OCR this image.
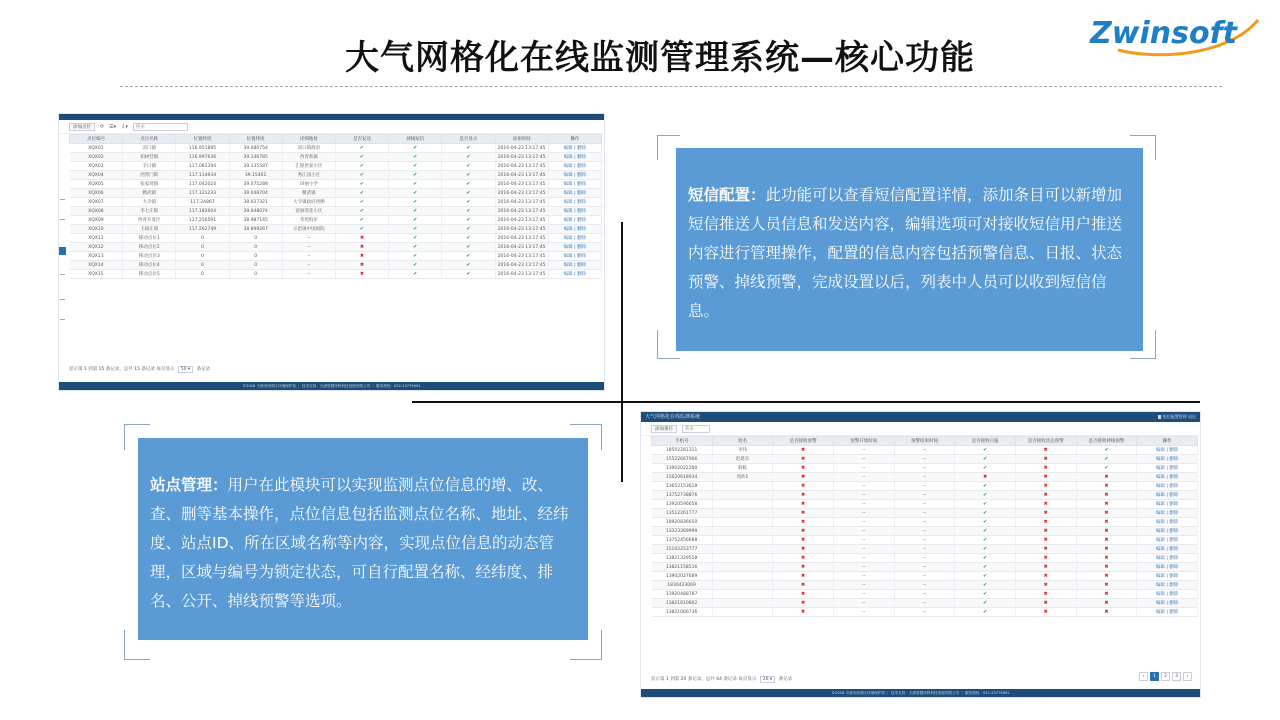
大气网格化在线监测管理系统—核心功能
Zwinsoft
添加点位	⟳ ☰▾ ⇩▾	搜索
点位编号	点位名称	位置经度	位置纬度	详细地址	是否发送	掉线短信	是否显示	添加时间	操作
XQX01	凉口镇	116.951895	39.080754	凉口镇政府	✔	✔	✔	2016-04-23 13:17:45	编辑 | 删除
XQX02	柏树营镇	116.997636	39.146785	西青新镇	✔	✔	✔	2016-04-23 13:17:45	编辑 | 删除
XQX03	辛口镇	117.081394	39.135587	汇银世家小区	✔	✔	✔	2016-04-23 13:17:45	编辑 | 删除
XQX04	西营门街	117.114934	39.15461	秀江园小区	✔	✔	✔	2016-04-23 13:17:45	编辑 | 删除
XQX05	张家窝镇	117.042024	39.075288	田丽小学	✔	✔	✔	2016-04-23 13:17:45	编辑 | 删除
XQX06	精武镇	117.121233	39.048704	精武镇	✔	✔	✔	2016-04-23 13:17:45	编辑 | 删除
XQX07	大寺镇	117.24867	39.027321	大寺镇政府西侧	✔	✔	✔	2016-04-23 13:17:45	编辑 | 删除
XQX08	李七庄街	117.182604	39.048074	富丽湾花小区	✔	✔	✔	2016-04-23 13:17:45	编辑 | 删除
XQX09	西青开发区	117.256591	38.987145	华苑海岸	✔	✔	✔	2016-04-23 13:17:45	编辑 | 删除
XQX10	王稳庄镇	117.262749	38.899267	示范镇中国国院	✔	✔	✔	2016-04-23 13:17:45	编辑 | 删除
XQX11	移动点位1	0	0	--	✖	✔	✔	2016-04-23 13:17:45	编辑 | 删除
XQX12	移动点位2	0	0	--	✖	✔	✔	2016-04-23 13:17:45	编辑 | 删除
XQX13	移动点位3	0	0	--	✖	✔	✔	2016-04-23 13:17:45	编辑 | 删除
XQX14	移动点位4	0	0	--	✖	✔	✔	2016-04-23 13:17:45	编辑 | 删除
XQX15	移动点位5	0	0	--	✖	✔	✔	2016-04-23 13:17:45	编辑 | 删除
显示第 1 到第 15 条记录，总共 15 条记录 每页显示 50 ▾ 条记录
©2016 天津市西青区环境保护局 ｜ 技术支持：天津智慧环科科技发展有限公司 ｜ 服务热线：022-23779991
短信配置：此功能可以查看短信配置详情，添加条目可以新增加短信推送人员信息和发送内容，编辑选项可对接收短信用户推送内容进行管理操作，配置的信息内容包括预警信息、日报、状态预警、掉线预警，完成设置以后，列表中人员可以收到短信信息。
站点管理：用户在此模块可以实现监测点位信息的增、改、查、删等基本操作，点位信息包括监测点位名称、地址、经纬度、站点ID、所在区域名称等内容，实现点位信息的动态管理，区域与编号为锁定状态，可自行配置名称、经纬度、排名、公开、掉线预警等选项。
大气网格化在线监测系统	◙ 短信配置管理 退出
添加条目	搜索
手机号	姓名	是否接收预警	预警开始时间	预警结束时间	是否接收日报	是否接收状态预警	是否接收掉线预警	操作
18502281311	李伟	✖	--	--	✔	✖	✔	编辑 | 删除
15522667966	赵建东	✖	--	--	✔	✖	✔	编辑 | 删除
13902022280	韩栋	✖	--	--	✔	✖	✔	编辑 | 删除
15620618934	周幼1	✖	--	--	✖	✖	✖	编辑 | 删除
13652153618		✖	--	--	✔	✖	✖	编辑 | 删除
13752738876		✖	--	--	✔	✖	✖	编辑 | 删除
13920596658		✖	--	--	✔	✖	✖	编辑 | 删除
13512261777		✖	--	--	✔	✖	✖	编辑 | 删除
18920836650		✖	--	--	✔	✖	✖	编辑 | 删除
13323369999		✖	--	--	✔	✖	✖	编辑 | 删除
13752456688		✖	--	--	✔	✖	✖	编辑 | 删除
15102253777		✖	--	--	✔	✖	✖	编辑 | 删除
13821329558		✖	--	--	✔	✖	✖	编辑 | 删除
13821158516		✖	--	--	✔	✖	✖	编辑 | 删除
13902027689		✖	--	--	✔	✖	✖	编辑 | 删除
1830423069		✖	--	--	✔	✖	✖	编辑 | 删除
13920488787		✖	--	--	✔	✖	✖	编辑 | 删除
13821810862		✖	--	--	✔	✖	✖	编辑 | 删除
13821066736		✖	--	--	✔	✖	✖	编辑 | 删除
显示第 1 到第 20 条记录，总共 64 条记录 每页显示 20 ▾ 条记录
‹	1	2	3	›
©2016 天津市西青区环境保护局 ｜ 技术支持：天津智慧环科科技发展有限公司 ｜ 服务热线：022-23779991
